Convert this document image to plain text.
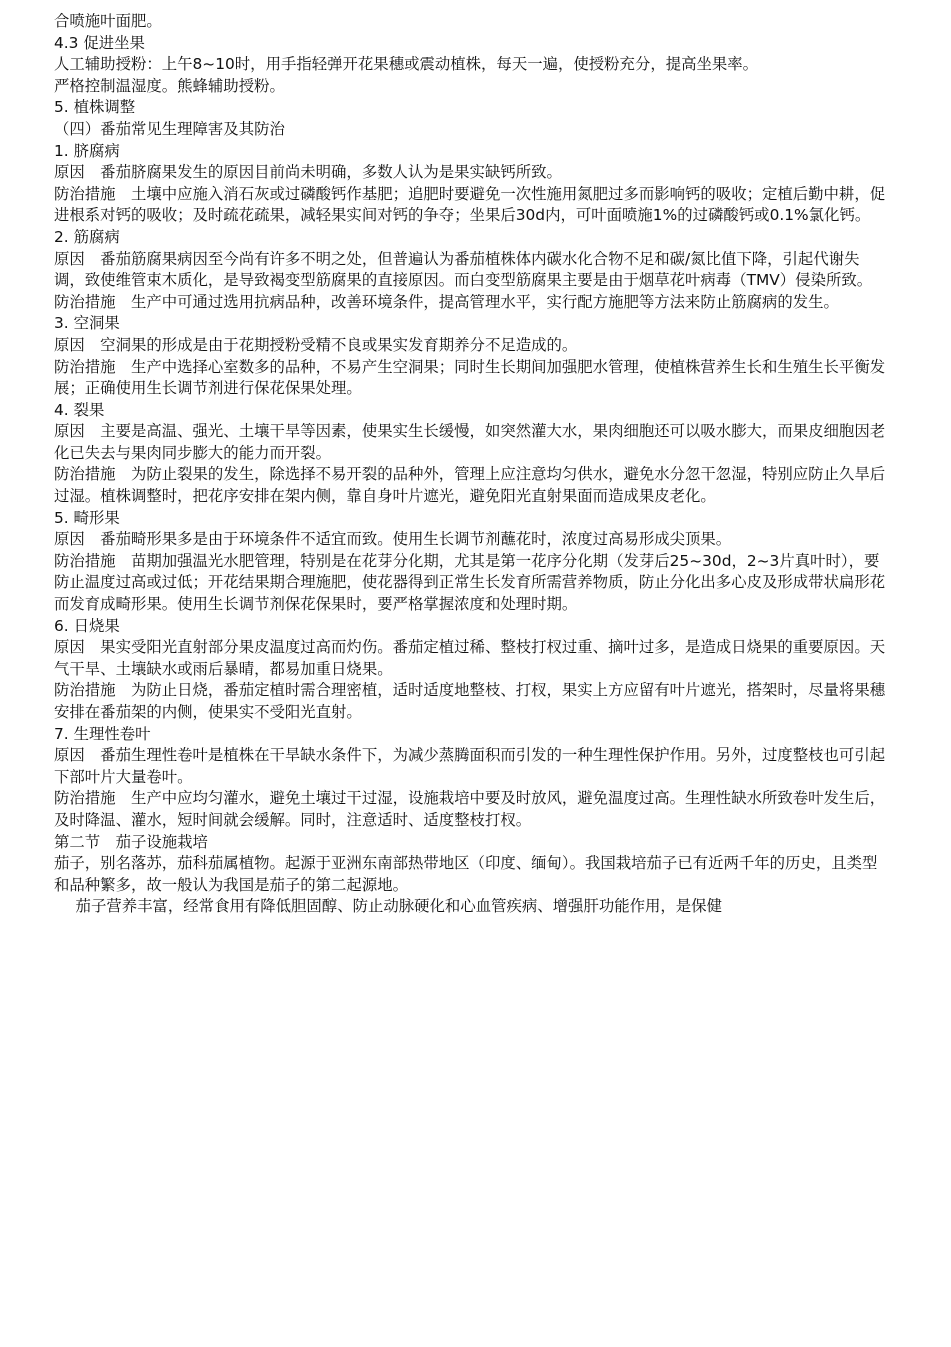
合喷施叶面肥。

4.3 促进坐果

人工辅助授粉：上午8~10时，用手指轻弹开花果穗或震动植株，每天一遍，使授粉充分，提高坐果率。

严格控制温湿度。熊蜂辅助授粉。

5. 植株调整

（四）番茄常见生理障害及其防治

1. 脐腐病

原因　番茄脐腐果发生的原因目前尚未明确，多数人认为是果实缺钙所致。

防治措施　土壤中应施入消石灰或过磷酸钙作基肥；追肥时要避免一次性施用氮肥过多而影响钙的吸收；定植后勤中耕，促进根系对钙的吸收；及时疏花疏果，减轻果实间对钙的争夺；坐果后30d内，可叶面喷施1%的过磷酸钙或0.1%氯化钙。

2. 筋腐病

原因　番茄筋腐果病因至今尚有许多不明之处，但普遍认为番茄植株体内碳水化合物不足和碳/氮比值下降，引起代谢失调，致使维管束木质化，是导致褐变型筋腐果的直接原因。而白变型筋腐果主要是由于烟草花叶病毒（TMV）侵染所致。

防治措施　生产中可通过选用抗病品种，改善环境条件，提高管理水平，实行配方施肥等方法来防止筋腐病的发生。

3. 空洞果

原因　空洞果的形成是由于花期授粉受精不良或果实发育期养分不足造成的。

防治措施　生产中选择心室数多的品种，不易产生空洞果；同时生长期间加强肥水管理，使植株营养生长和生殖生长平衡发展；正确使用生长调节剂进行保花保果处理。

4. 裂果

原因　主要是高温、强光、土壤干旱等因素，使果实生长缓慢，如突然灌大水，果肉细胞还可以吸水膨大，而果皮细胞因老化已失去与果肉同步膨大的能力而开裂。

防治措施　为防止裂果的发生，除选择不易开裂的品种外，管理上应注意均匀供水，避免水分忽干忽湿，特别应防止久旱后过湿。植株调整时，把花序安排在架内侧，靠自身叶片遮光，避免阳光直射果面而造成果皮老化。

5. 畸形果

原因　番茄畸形果多是由于环境条件不适宜而致。使用生长调节剂蘸花时，浓度过高易形成尖顶果。

防治措施　苗期加强温光水肥管理，特别是在花芽分化期，尤其是第一花序分化期（发芽后25~30d，2~3片真叶时），要防止温度过高或过低；开花结果期合理施肥，使花器得到正常生长发育所需营养物质，防止分化出多心皮及形成带状扁形花而发育成畸形果。使用生长调节剂保花保果时，要严格掌握浓度和处理时期。

6. 日烧果

原因　果实受阳光直射部分果皮温度过高而灼伤。番茄定植过稀、整枝打杈过重、摘叶过多，是造成日烧果的重要原因。天气干旱、土壤缺水或雨后暴晴，都易加重日烧果。

防治措施　为防止日烧，番茄定植时需合理密植，适时适度地整枝、打杈，果实上方应留有叶片遮光，搭架时，尽量将果穗安排在番茄架的内侧，使果实不受阳光直射。

7. 生理性卷叶

原因　番茄生理性卷叶是植株在干旱缺水条件下，为减少蒸腾面积而引发的一种生理性保护作用。另外，过度整枝也可引起下部叶片大量卷叶。

防治措施　生产中应均匀灌水，避免土壤过干过湿，设施栽培中要及时放风，避免温度过高。生理性缺水所致卷叶发生后，及时降温、灌水，短时间就会缓解。同时，注意适时、适度整枝打杈。

第二节　茄子设施栽培

茄子，别名落苏，茄科茄属植物。起源于亚洲东南部热带地区（印度、缅甸）。我国栽培茄子已有近两千年的历史，且类型和品种繁多，故一般认为我国是茄子的第二起源地。

茄子营养丰富，经常食用有降低胆固醇、防止动脉硬化和心血管疾病、增强肝功能作用，是保健
